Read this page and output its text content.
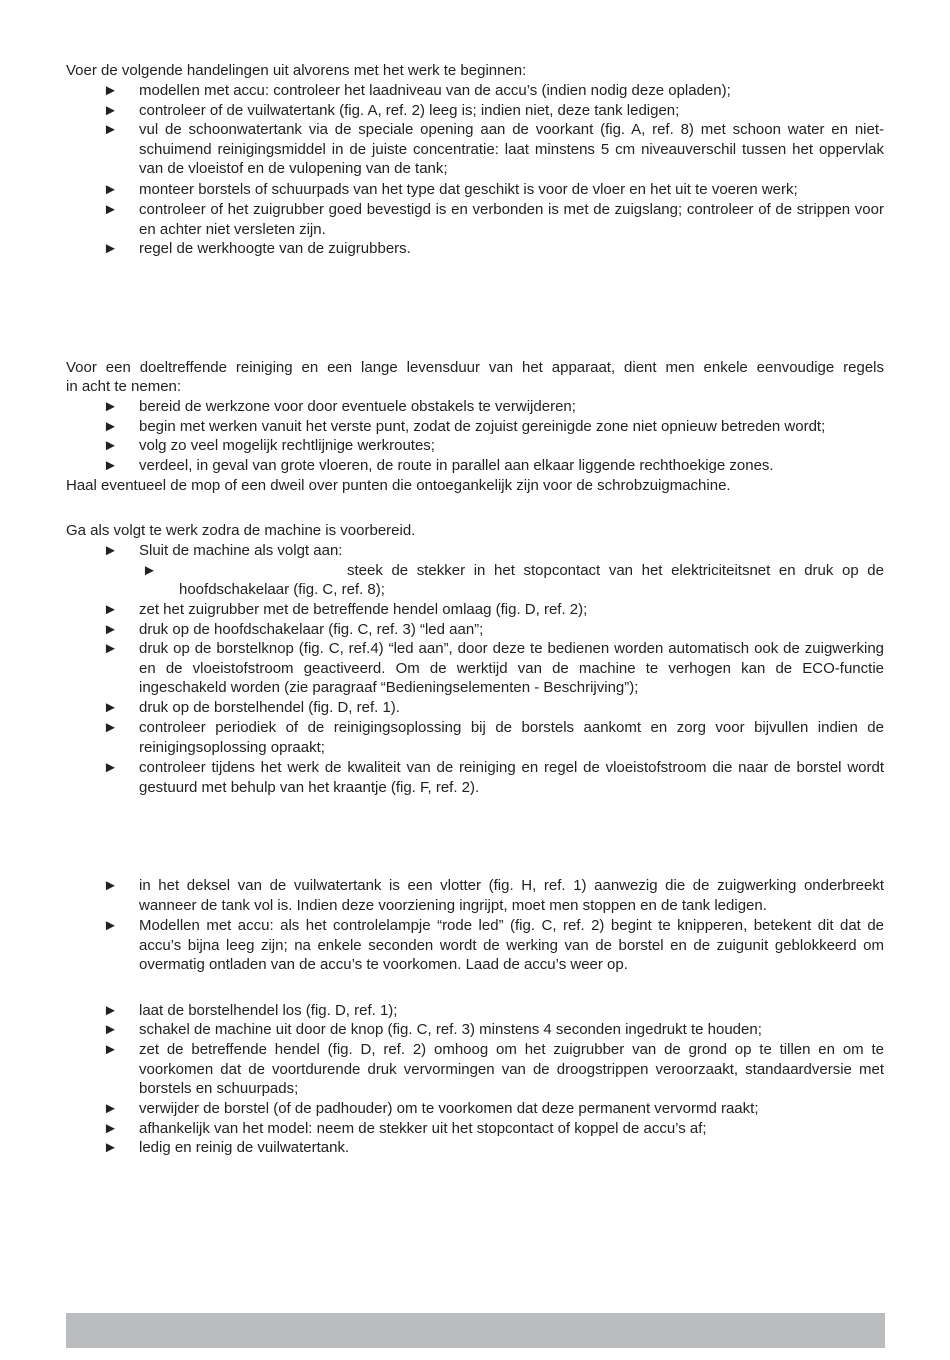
Voer de volgende handelingen uit alvorens met het werk te beginnen:
► modellen met accu: controleer het laadniveau van de accu’s (indien nodig deze opladen);
► controleer of de vuilwatertank (fig. A, ref. 2) leeg is; indien niet, deze tank ledigen;
► vul de schoonwatertank via de speciale opening aan de voorkant (fig. A, ref. 8) met schoon water en niet-schuimend reinigingsmiddel in de juiste concentratie: laat minstens 5 cm niveauverschil tussen het oppervlak van de vloeistof en de vulopening van de tank;
► monteer borstels of schuurpads van het type dat geschikt is voor de vloer en het uit te voeren werk;
► controleer of het zuigrubber goed bevestigd is en verbonden is met de zuigslang; controleer of de strippen voor en achter niet versleten zijn.
► regel de werkhoogte van de zuigrubbers.
Voor een doeltreffende reiniging en een lange levensduur van het apparaat, dient men enkele eenvoudige regels
in acht te nemen:
► bereid de werkzone voor door eventuele obstakels te verwijderen;
► begin met werken vanuit het verste punt, zodat de zojuist gereinigde zone niet opnieuw betreden wordt;
► volg zo veel mogelijk rechtlijnige werkroutes;
► verdeel, in geval van grote vloeren, de route in parallel aan elkaar liggende rechthoekige zones.
Haal eventueel de mop of een dweil over punten die ontoegankelijk zijn voor de schrobzuigmachine.
Ga als volgt te werk zodra de machine is voorbereid.
► Sluit de machine als volgt aan:
►	steek de stekker in het stopcontact van het elektriciteitsnet en druk op de
hoofdschakelaar (fig. C, ref. 8);
► zet het zuigrubber met de betreffende hendel omlaag (fig. D, ref. 2);
► druk op de hoofdschakelaar (fig. C, ref. 3) “led aan”;
► druk op de borstelknop (fig. C, ref.4) “led aan”, door deze te bedienen worden automatisch ook de zuigwerking en de vloeistofstroom geactiveerd. Om de werktijd van de machine te verhogen kan de ECO-functie ingeschakeld worden (zie paragraaf “Bedieningselementen - Beschrijving”);
► druk op de borstelhendel (fig. D, ref. 1).
► controleer periodiek of de reinigingsoplossing bij de borstels aankomt en zorg voor bijvullen indien de reinigingsoplossing opraakt;
► controleer tijdens het werk de kwaliteit van de reiniging en regel de vloeistofstroom die naar de borstel wordt gestuurd met behulp van het kraantje (fig. F, ref. 2).
► in het deksel van de vuilwatertank is een vlotter (fig. H, ref. 1) aanwezig die de zuigwerking onderbreekt wanneer de tank vol is. Indien deze voorziening ingrijpt, moet men stoppen en de tank ledigen.
► Modellen met accu: als het controlelampje “rode led” (fig. C, ref. 2) begint te knipperen, betekent dit dat de accu’s bijna leeg zijn; na enkele seconden wordt de werking van de borstel en de zuigunit geblokkeerd om overmatig ontladen van de accu’s te voorkomen. Laad de accu’s weer op.
► laat de borstelhendel los (fig. D, ref. 1);
► schakel de machine uit door de knop (fig. C, ref. 3) minstens 4 seconden ingedrukt te houden;
► zet de betreffende hendel (fig. D, ref. 2) omhoog om het zuigrubber van de grond op te tillen en om te voorkomen dat de voortdurende druk vervormingen van de droogstrippen veroorzaakt, standaardversie met borstels en schuurpads;
► verwijder de borstel (of de padhouder) om te voorkomen dat deze permanent vervormd raakt;
► afhankelijk van het model: neem de stekker uit het stopcontact of koppel de accu’s af;
► ledig en reinig de vuilwatertank.
